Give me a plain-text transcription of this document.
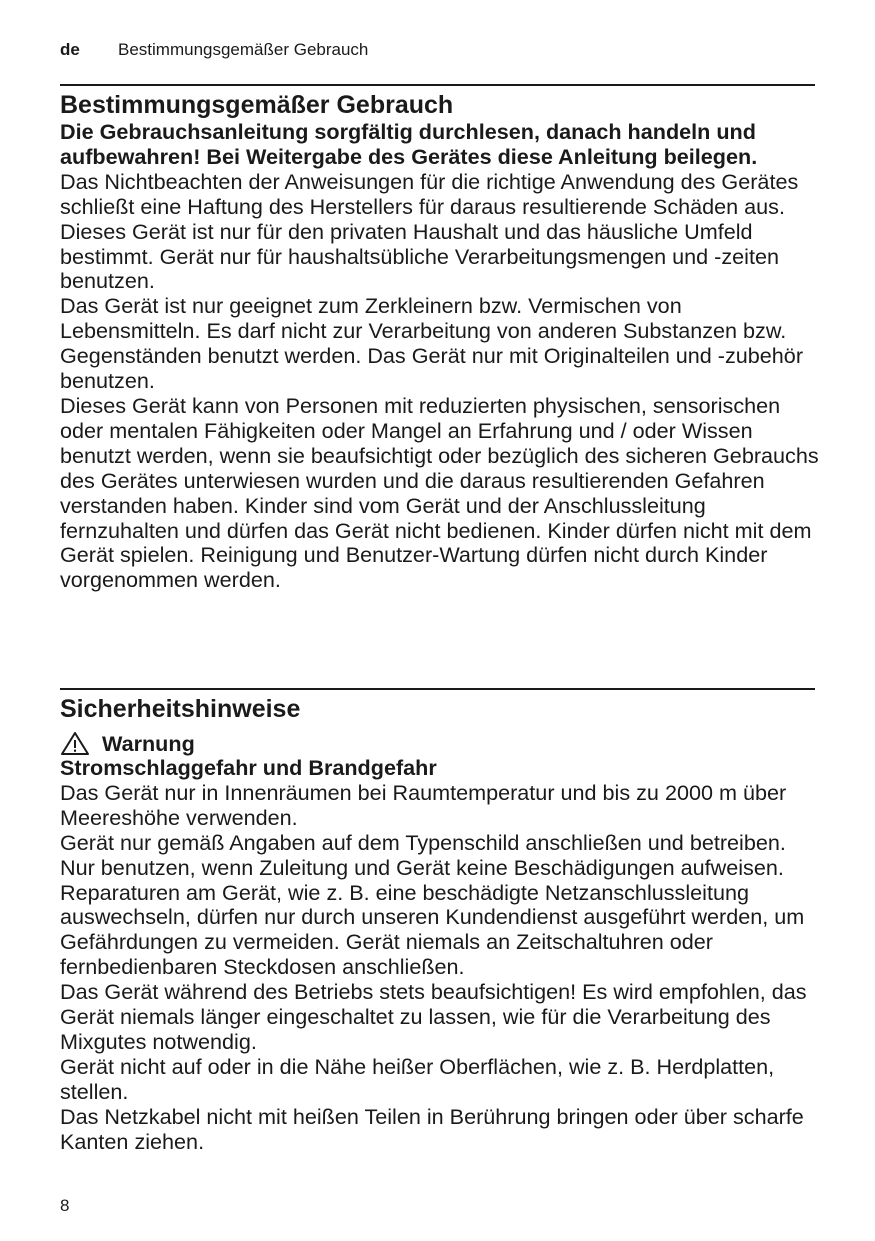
de Bestimmungsgemäßer Gebrauch
Bestimmungsgemäßer Gebrauch

Die Gebrauchsanleitung sorgfältig durchlesen, danach handeln und aufbewahren! Bei Weitergabe des Gerätes diese Anleitung beilegen.

Das Nichtbeachten der Anweisungen für die richtige Anwendung des Gerätes schließt eine Haftung des Herstellers für daraus resultierende Schäden aus.

Dieses Gerät ist nur für den privaten Haushalt und das häusliche Umfeld bestimmt. Gerät nur für haushaltsübliche Verarbeitungsmengen und -zeiten benutzen.

Das Gerät ist nur geeignet zum Zerkleinern bzw. Vermischen von Lebensmitteln. Es darf nicht zur Verarbeitung von anderen Substanzen bzw. Gegenständen benutzt werden. Das Gerät nur mit Originalteilen und -zubehör benutzen.

Dieses Gerät kann von Personen mit reduzierten physischen, sensorischen oder mentalen Fähigkeiten oder Mangel an Erfahrung und / oder Wissen benutzt werden, wenn sie beaufsichtigt oder bezüglich des sicheren Gebrauchs des Gerätes unterwiesen wurden und die daraus resultierenden Gefahren verstanden haben. Kinder sind vom Gerät und der Anschlussleitung fernzuhalten und dürfen das Gerät nicht bedienen. Kinder dürfen nicht mit dem Gerät spielen. Reinigung und Benutzer-Wartung dürfen nicht durch Kinder vorgenommen werden.

Sicherheitshinweise
Warnung

Stromschlaggefahr und Brandgefahr

Das Gerät nur in Innenräumen bei Raumtemperatur und bis zu 2000 m über Meereshöhe verwenden.

Gerät nur gemäß Angaben auf dem Typenschild anschließen und betreiben. Nur benutzen, wenn Zuleitung und Gerät keine Beschädigungen aufweisen. Reparaturen am Gerät, wie z. B. eine beschädigte Netzanschlussleitung auswechseln, dürfen nur durch unseren Kundendienst ausgeführt werden, um Gefährdungen zu vermeiden. Gerät niemals an Zeitschaltuhren oder fernbedienbaren Steckdosen anschließen.

Das Gerät während des Betriebs stets beaufsichtigen! Es wird empfohlen, das Gerät niemals länger eingeschaltet zu lassen, wie für die Verarbeitung des Mixgutes notwendig.

Gerät nicht auf oder in die Nähe heißer Oberflächen, wie z. B. Herdplatten, stellen.

Das Netzkabel nicht mit heißen Teilen in Berührung bringen oder über scharfe Kanten ziehen.

8
